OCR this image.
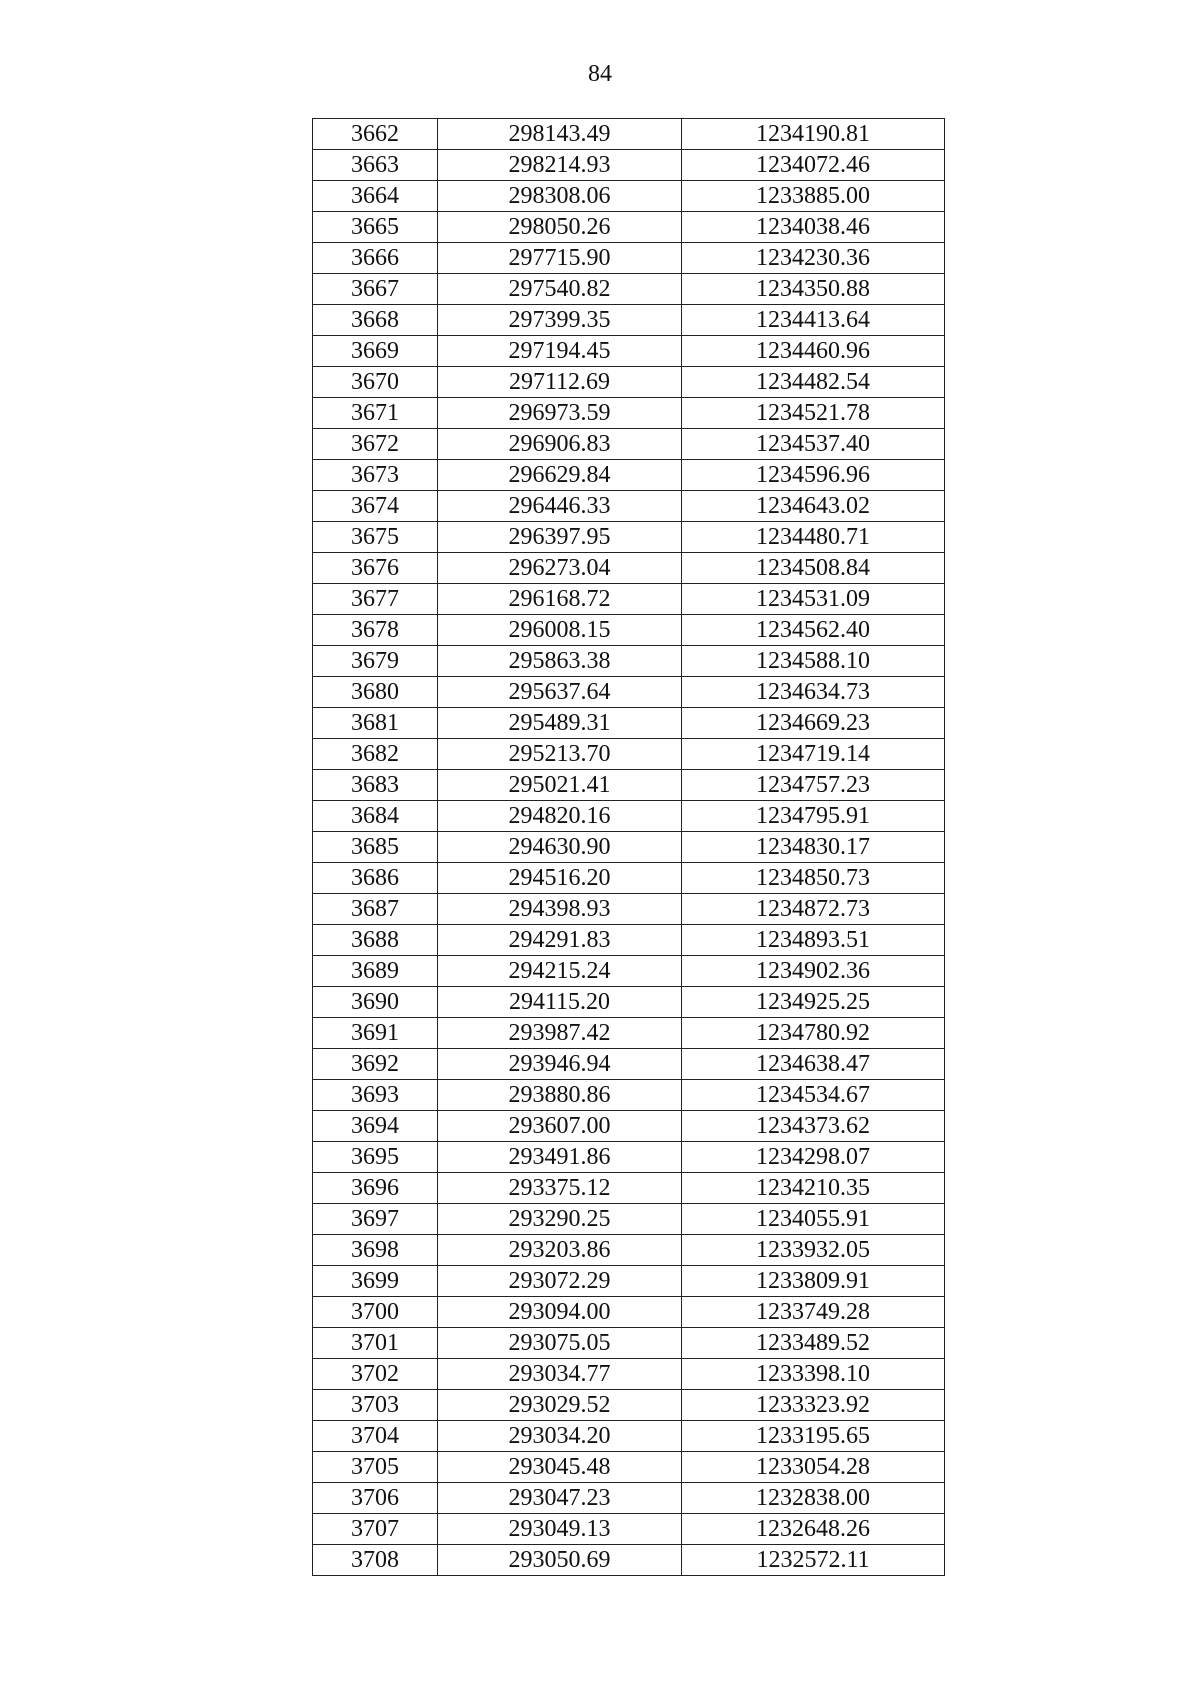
84
3662	298143.49	1234190.81
3663	298214.93	1234072.46
3664	298308.06	1233885.00
3665	298050.26	1234038.46
3666	297715.90	1234230.36
3667	297540.82	1234350.88
3668	297399.35	1234413.64
3669	297194.45	1234460.96
3670	297112.69	1234482.54
3671	296973.59	1234521.78
3672	296906.83	1234537.40
3673	296629.84	1234596.96
3674	296446.33	1234643.02
3675	296397.95	1234480.71
3676	296273.04	1234508.84
3677	296168.72	1234531.09
3678	296008.15	1234562.40
3679	295863.38	1234588.10
3680	295637.64	1234634.73
3681	295489.31	1234669.23
3682	295213.70	1234719.14
3683	295021.41	1234757.23
3684	294820.16	1234795.91
3685	294630.90	1234830.17
3686	294516.20	1234850.73
3687	294398.93	1234872.73
3688	294291.83	1234893.51
3689	294215.24	1234902.36
3690	294115.20	1234925.25
3691	293987.42	1234780.92
3692	293946.94	1234638.47
3693	293880.86	1234534.67
3694	293607.00	1234373.62
3695	293491.86	1234298.07
3696	293375.12	1234210.35
3697	293290.25	1234055.91
3698	293203.86	1233932.05
3699	293072.29	1233809.91
3700	293094.00	1233749.28
3701	293075.05	1233489.52
3702	293034.77	1233398.10
3703	293029.52	1233323.92
3704	293034.20	1233195.65
3705	293045.48	1233054.28
3706	293047.23	1232838.00
3707	293049.13	1232648.26
3708	293050.69	1232572.11
